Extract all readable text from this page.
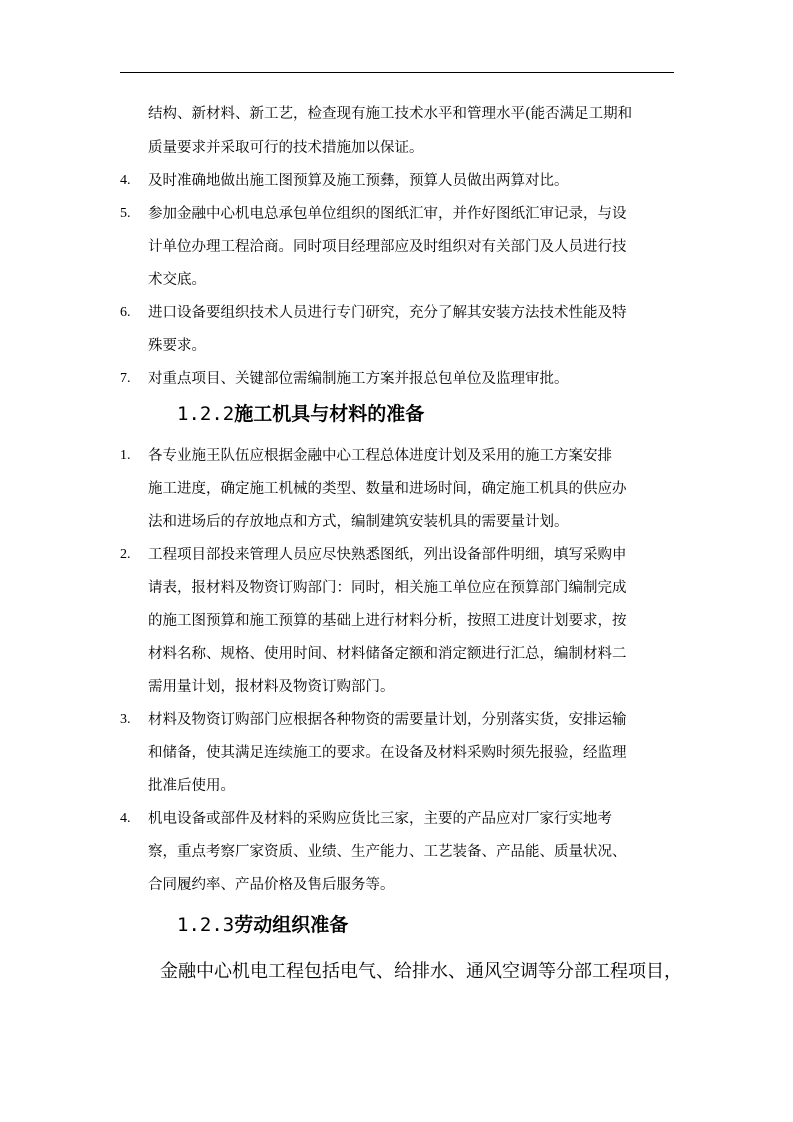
结构、新材料、新工艺，检查现有施工技术水平和管理水平(能否满足工期和
质量要求并采取可行的技术措施加以保证。
4. 及时准确地做出施工图预算及施工预彝，预算人员做出两算对比。
5. 参加金融中心机电总承包单位组织的图纸汇审，并作好图纸汇审记录，与设
计单位办理工程洽商。同时项目经理部应及时组织对有关部门及人员进行技
术交底。
6. 进口设备要组织技术人员进行专门研究，充分了解其安装方法技术性能及特
殊要求。
7. 对重点项目、关键部位需编制施工方案并报总包单位及监理审批。
1.2.2施工机具与材料的准备
1. 各专业施王队伍应根据金融中心工程总体进度计划及采用的施工方案安排
施工进度，确定施工机械的类型、数量和进场时间，确定施工机具的供应办
法和进场后的存放地点和方式，编制建筑安装机具的需要量计划。
2. 工程项目部投来管理人员应尽快熟悉图纸，列出设备部件明细，填写采购申
请表，报材料及物资订购部门：同时，相关施工单位应在预算部门编制完成
的施工图预算和施工预算的基础上进行材料分析，按照工进度计划要求，按
材料名称、规格、使用时间、材料储备定额和消定额进行汇总，编制材料二
需用量计划，报材料及物资订购部门。
3. 材料及物资订购部门应根据各种物资的需要量计划，分别落实货，安排运输
和储备，使其满足连续施工的要求。在设备及材料采购时须先报验，经监理
批准后使用。
4. 机电设备或部件及材料的采购应货比三家，主要的产品应对厂家行实地考
察，重点考察厂家资质、业绩、生产能力、工艺装备、产品能、质量状况、
合同履约率、产品价格及售后服务等。
1.2.3劳动组织准备
金融中心机电工程包括电气、给排水、通风空调等分部工程项目，
